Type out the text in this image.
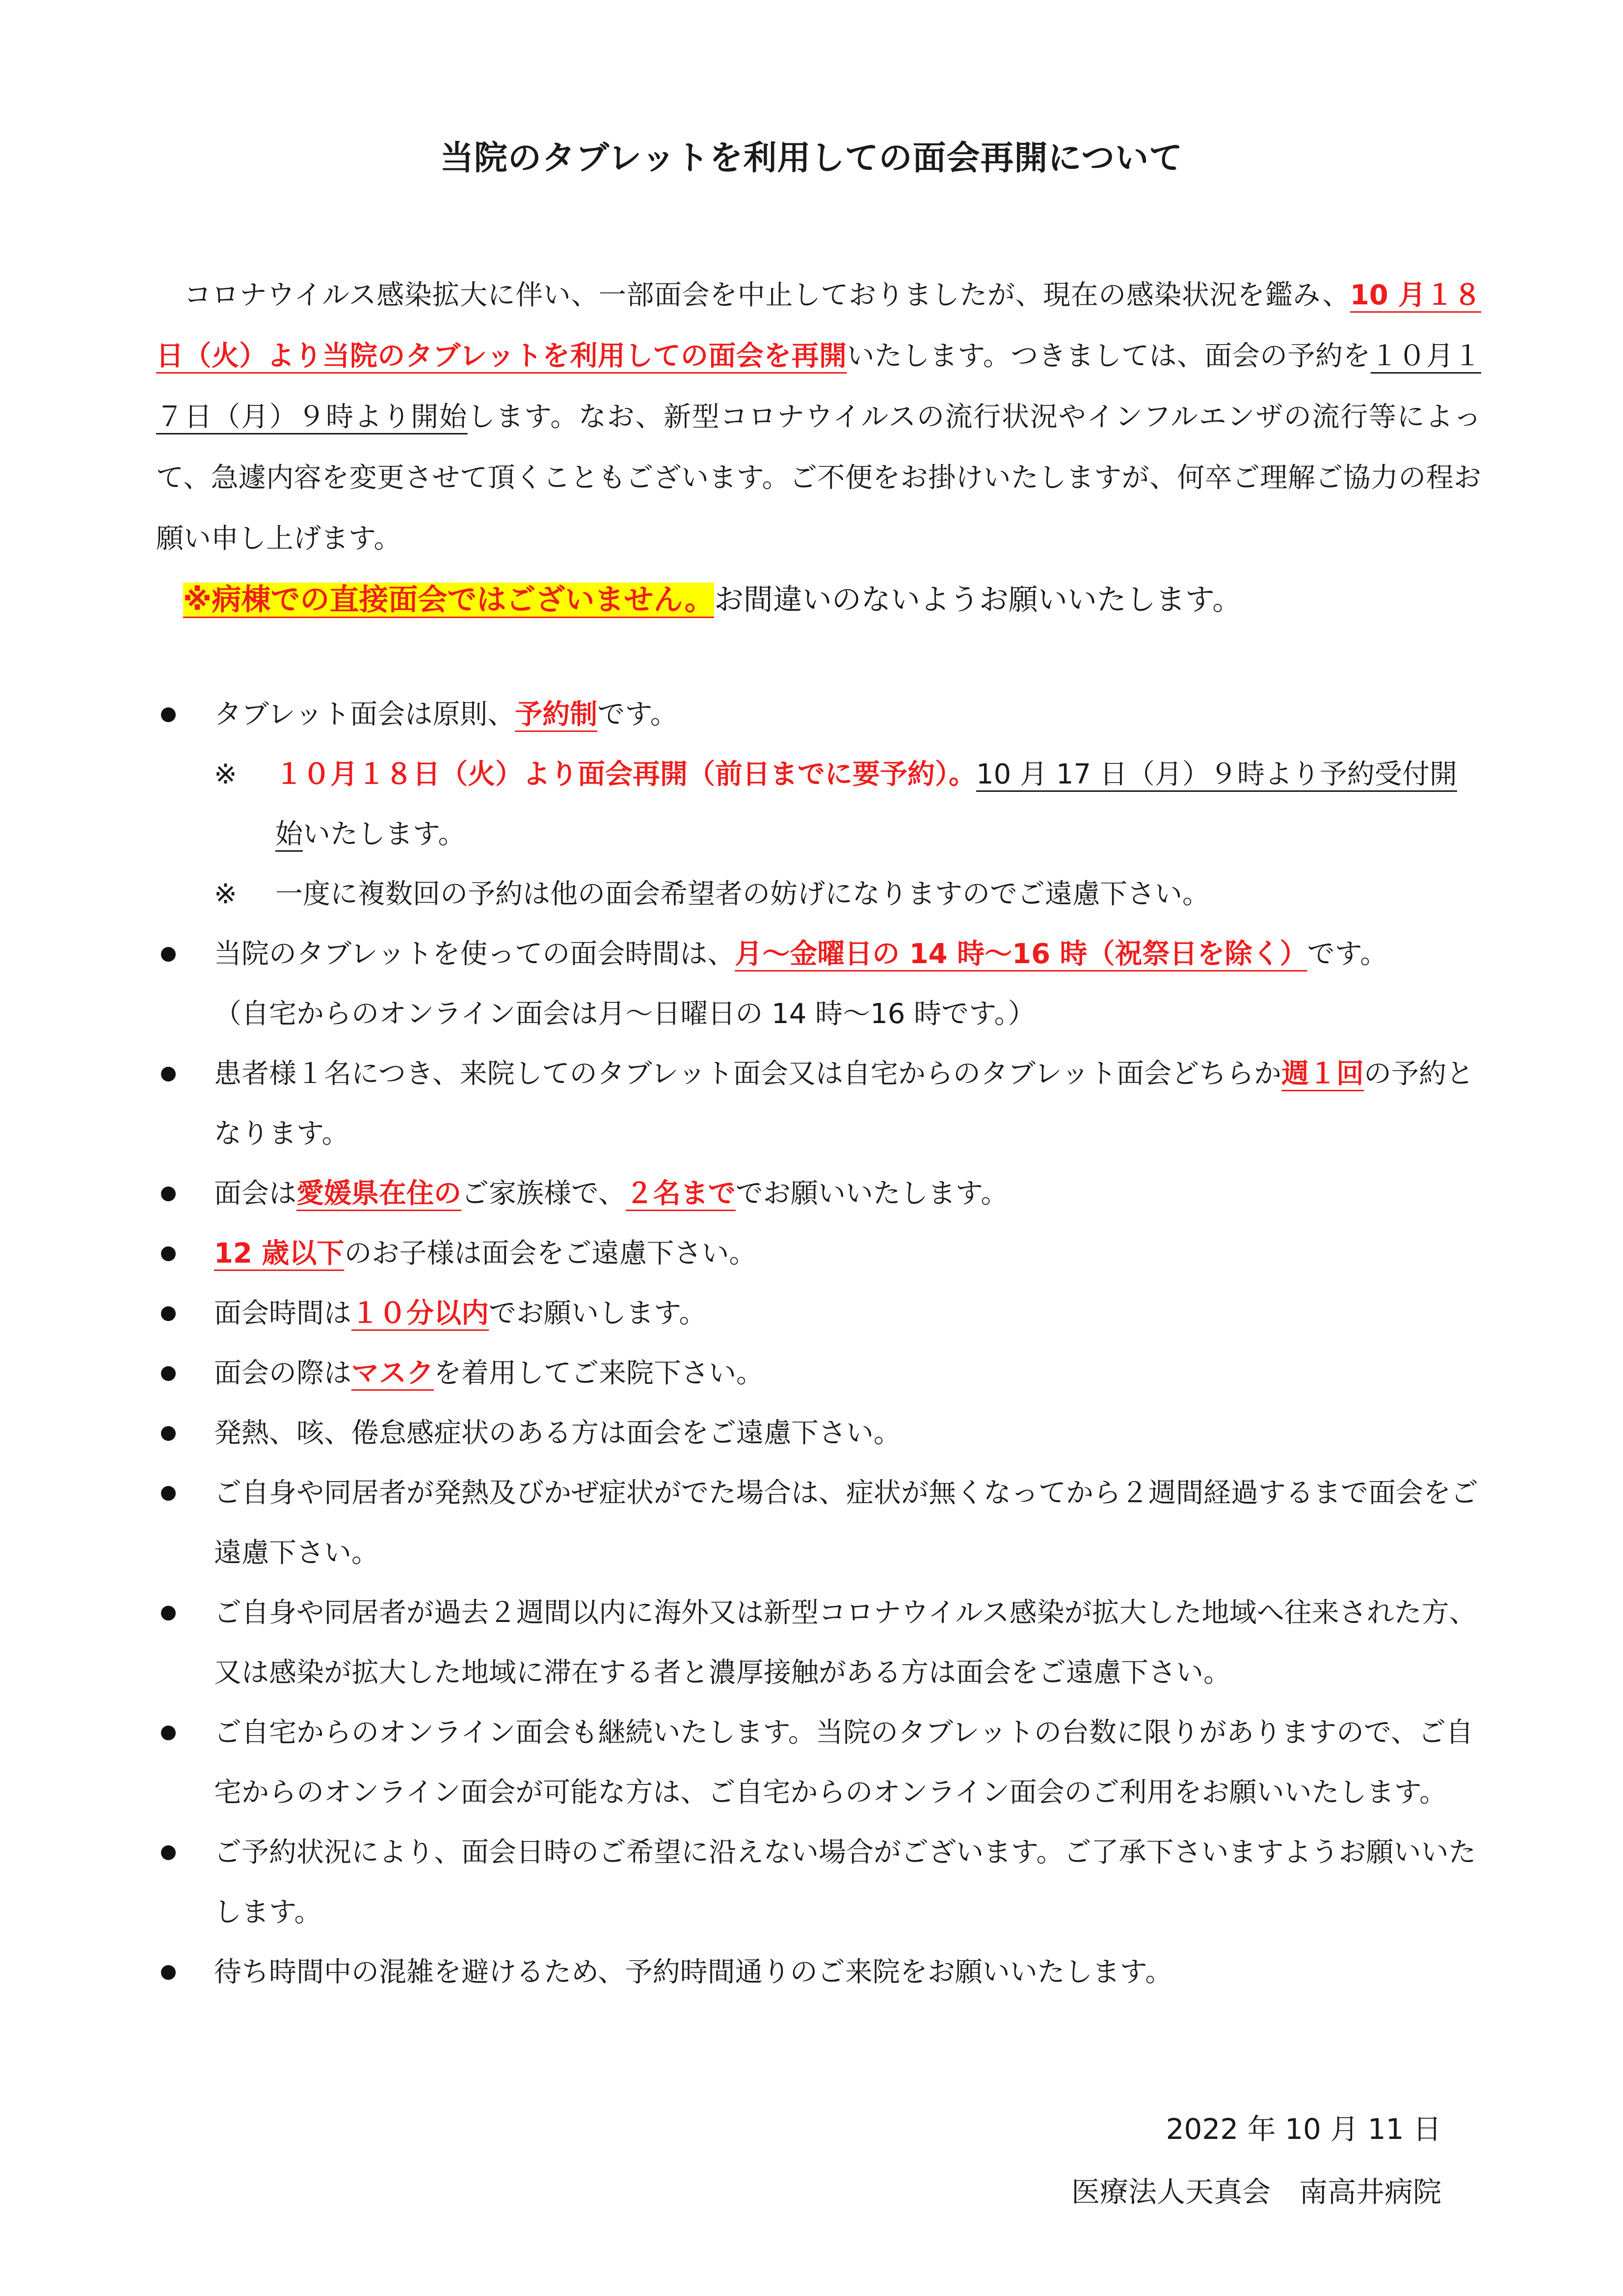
当院のタブレットを利用しての面会再開について

　コロナウイルス感染拡大に伴い、一部面会を中止しておりましたが、現在の感染状況を鑑み、10 月１８日（火）より当院のタブレットを利用しての面会を再開いたします。つきましては、面会の予約を１０月１７日（月）９時より開始します。なお、新型コロナウイルスの流行状況やインフルエンザの流行等によって、急遽内容を変更させて頂くこともございます。ご不便をお掛けいたしますが、何卒ご理解ご協力の程お願い申し上げます。
※病棟での直接面会ではございません。お間違いのないようお願いいたします。

タブレット面会は原則、予約制です。
※ １０月１８日（火）より面会再開（前日までに要予約）。10 月 17 日（月）９時より予約受付開始いたします。
※ 一度に複数回の予約は他の面会希望者の妨げになりますのでご遠慮下さい。
当院のタブレットを使っての面会時間は、月～金曜日の 14 時～16 時（祝祭日を除く）です。
（自宅からのオンライン面会は月～日曜日の 14 時～16 時です。）
患者様１名につき、来院してのタブレット面会又は自宅からのタブレット面会どちらか週１回の予約となります。
面会は愛媛県在住のご家族様で、２名まででお願いいたします。
12 歳以下のお子様は面会をご遠慮下さい。
面会時間は１０分以内でお願いします。
面会の際はマスクを着用してご来院下さい。
発熱、咳、倦怠感症状のある方は面会をご遠慮下さい。
ご自身や同居者が発熱及びかぜ症状がでた場合は、症状が無くなってから２週間経過するまで面会をご遠慮下さい。
ご自身や同居者が過去２週間以内に海外又は新型コロナウイルス感染が拡大した地域へ往来された方、又は感染が拡大した地域に滞在する者と濃厚接触がある方は面会をご遠慮下さい。
ご自宅からのオンライン面会も継続いたします。当院のタブレットの台数に限りがありますので、ご自宅からのオンライン面会が可能な方は、ご自宅からのオンライン面会のご利用をお願いいたします。
ご予約状況により、面会日時のご希望に沿えない場合がございます。ご了承下さいますようお願いいたします。
待ち時間中の混雑を避けるため、予約時間通りのご来院をお願いいたします。

2022 年 10 月 11 日

医療法人天真会　南高井病院
